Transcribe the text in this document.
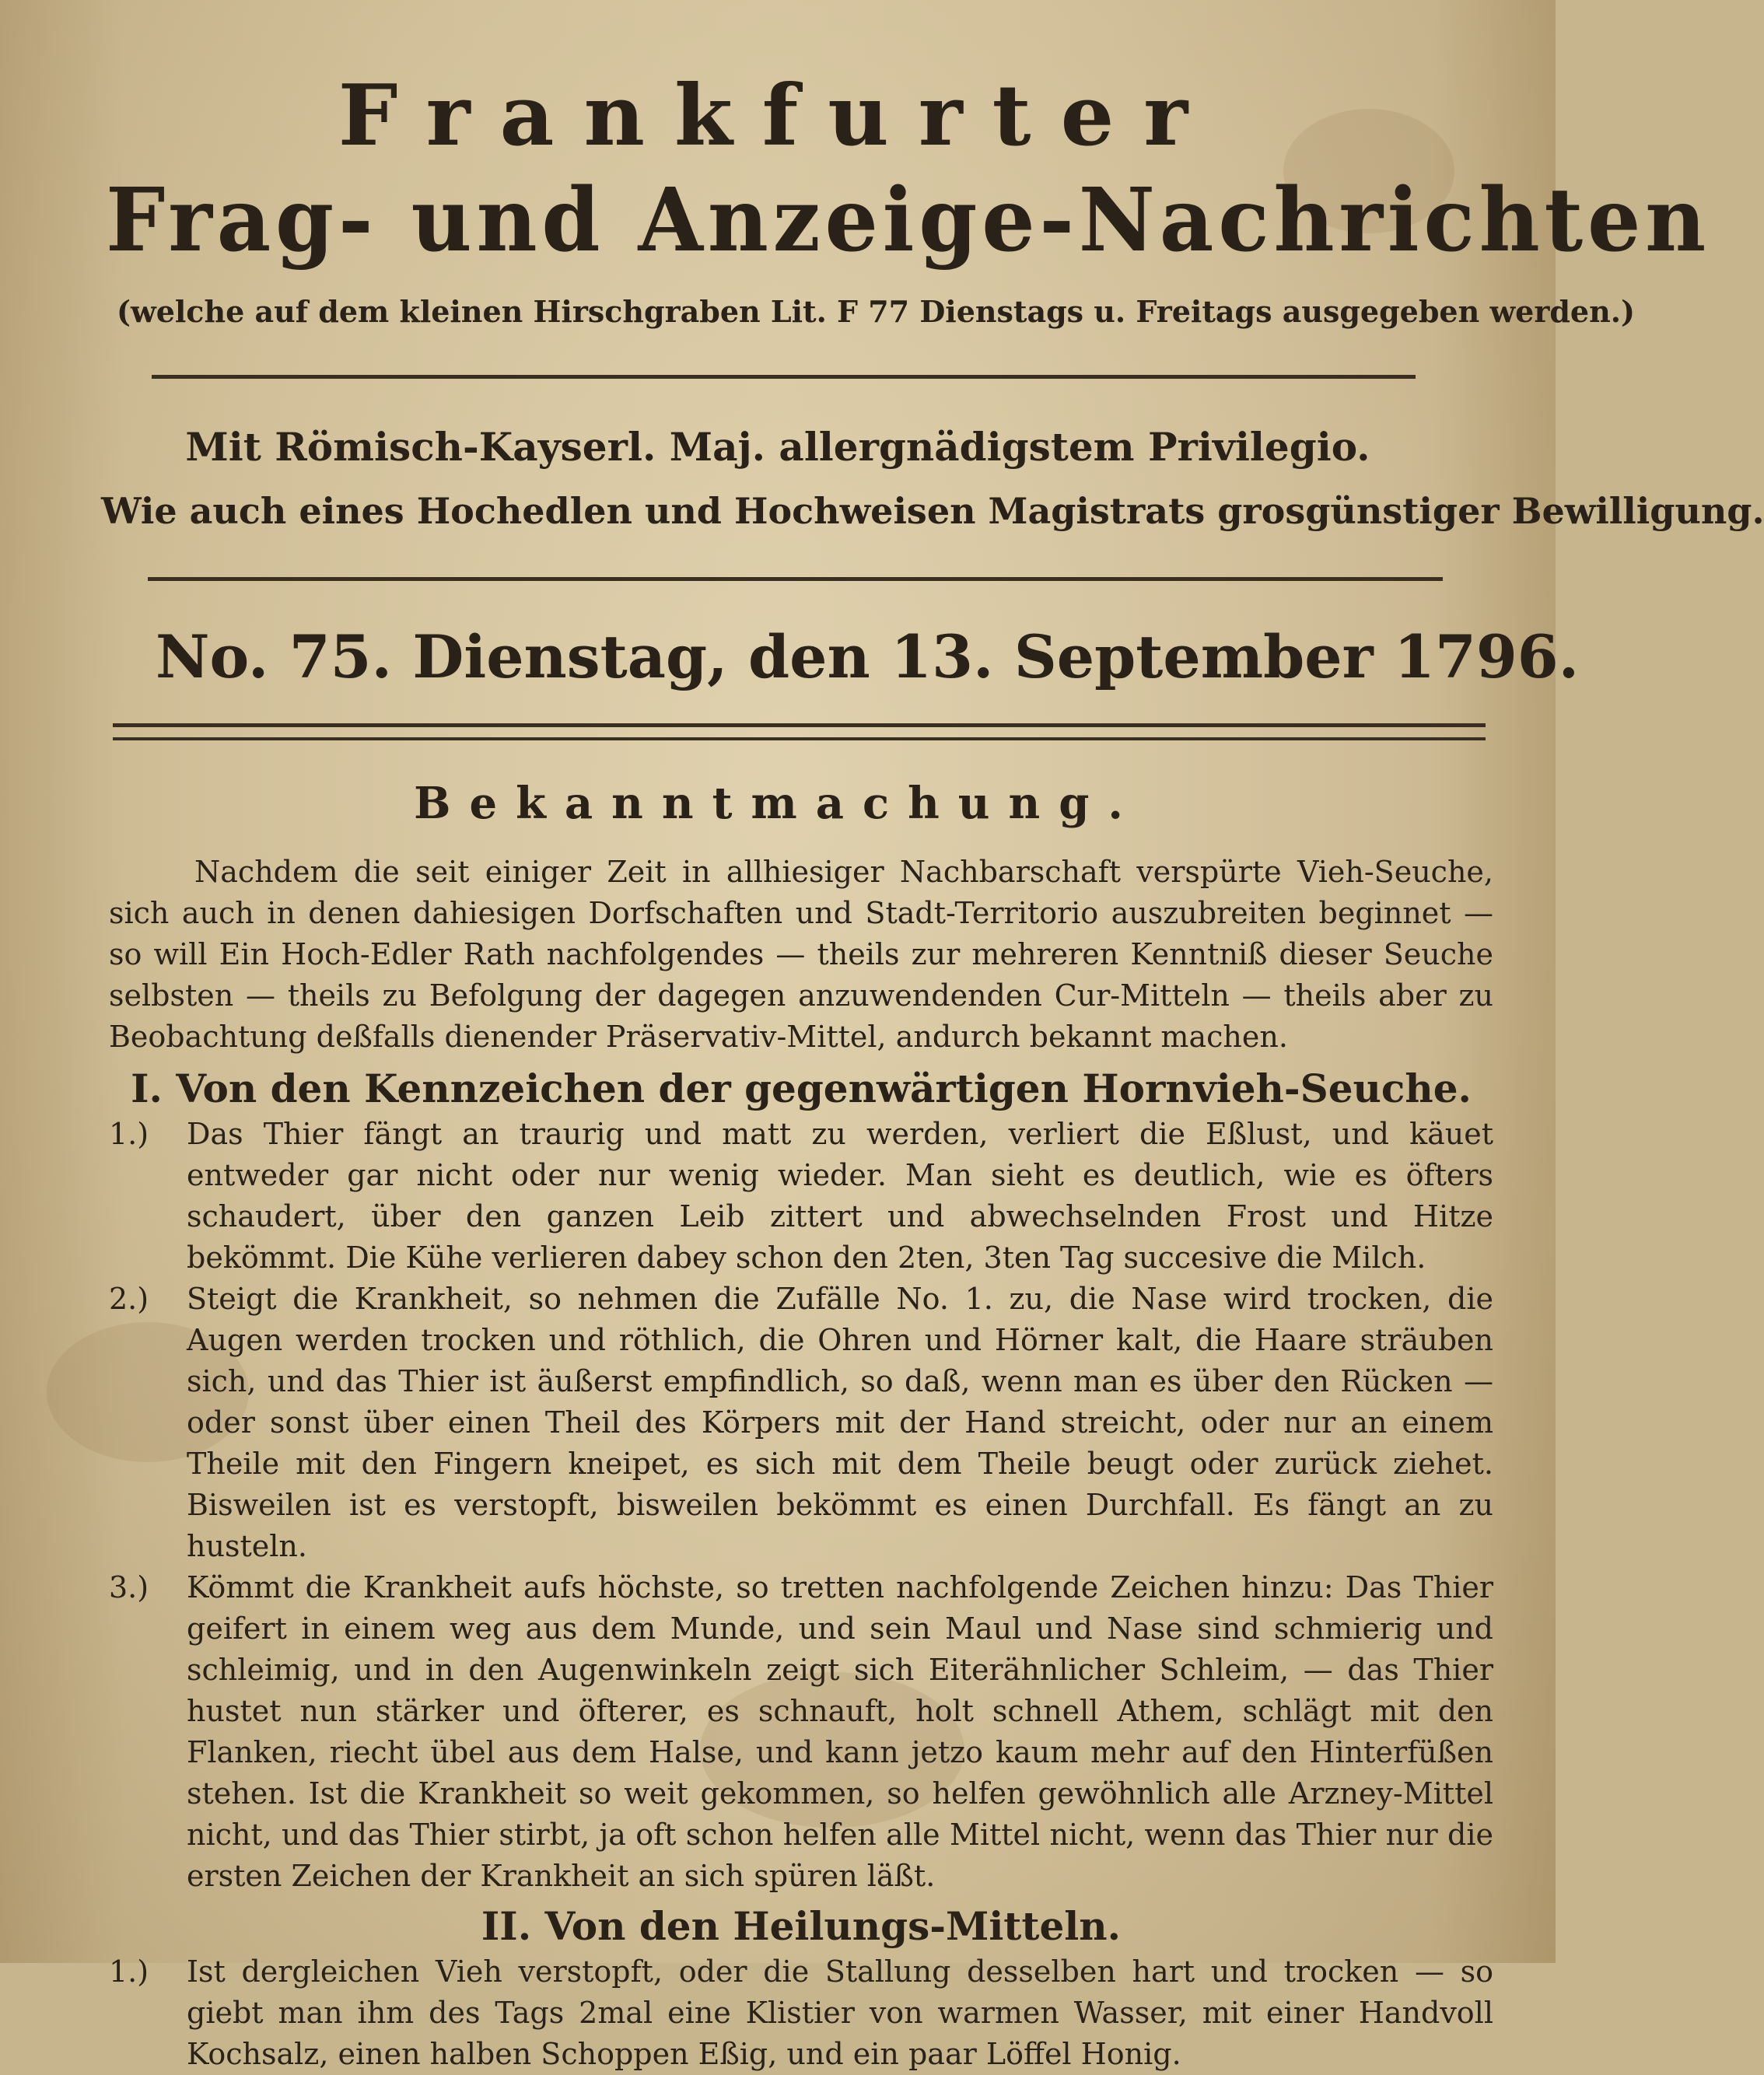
Frankfurter
Frag- und Anzeige-Nachrichten
(welche auf dem kleinen Hirschgraben Lit. F 77 Dienstags u. Freitags ausgegeben werden.)
Mit Römisch-Kayserl. Maj. allergnädigstem Privilegio.
Wie auch eines Hochedlen und Hochweisen Magistrats grosgünstiger Bewilligung.
No. 75. Dienstag, den 13. September 1796.
Bekanntmachung.

Nachdem die seit einiger Zeit in allhiesiger Nachbarschaft verspürte Vieh-Seuche, sich auch in denen dahiesigen Dorfschaften und Stadt-Territorio auszubreiten beginnet — so will Ein Hoch-Edler Rath nachfolgendes — theils zur mehreren Kenntniß dieser Seuche selbsten — theils zu Befolgung der dagegen anzuwendenden Cur-Mitteln — theils aber zu Beobachtung deßfalls dienender Präservativ-Mittel, andurch bekannt machen.

I. Von den Kennzeichen der gegenwärtigen Hornvieh-Seuche.

1.) Das Thier fängt an traurig und matt zu werden, verliert die Eßlust, und käuet entweder gar nicht oder nur wenig wieder. Man sieht es deutlich, wie es öfters schaudert, über den ganzen Leib zittert und abwechselnden Frost und Hitze bekömmt. Die Kühe verlieren dabey schon den 2ten, 3ten Tag succesive die Milch.

2.) Steigt die Krankheit, so nehmen die Zufälle No. 1. zu, die Nase wird trocken, die Augen werden trocken und röthlich, die Ohren und Hörner kalt, die Haare sträuben sich, und das Thier ist äußerst empfindlich, so daß, wenn man es über den Rücken — oder sonst über einen Theil des Körpers mit der Hand streicht, oder nur an einem Theile mit den Fingern kneipet, es sich mit dem Theile beugt oder zurück ziehet. Bisweilen ist es verstopft, bisweilen bekömmt es einen Durchfall. Es fängt an zu husteln.

3.) Kömmt die Krankheit aufs höchste, so tretten nachfolgende Zeichen hinzu: Das Thier geifert in einem weg aus dem Munde, und sein Maul und Nase sind schmierig und schleimig, und in den Augenwinkeln zeigt sich Eiterähnlicher Schleim, — das Thier hustet nun stärker und öfterer, es schnauft, holt schnell Athem, schlägt mit den Flanken, riecht übel aus dem Halse, und kann jetzo kaum mehr auf den Hinterfüßen stehen. Ist die Krankheit so weit gekommen, so helfen gewöhnlich alle Arzney-Mittel nicht, und das Thier stirbt, ja oft schon helfen alle Mittel nicht, wenn das Thier nur die ersten Zeichen der Krankheit an sich spüren läßt.

II. Von den Heilungs-Mitteln.

1.) Ist dergleichen Vieh verstopft, oder die Stallung desselben hart und trocken — so giebt man ihm des Tags 2mal eine Klistier von warmen Wasser, mit einer Handvoll Kochsalz, einen halben Schoppen Eßig, und ein paar Löffel Honig.
